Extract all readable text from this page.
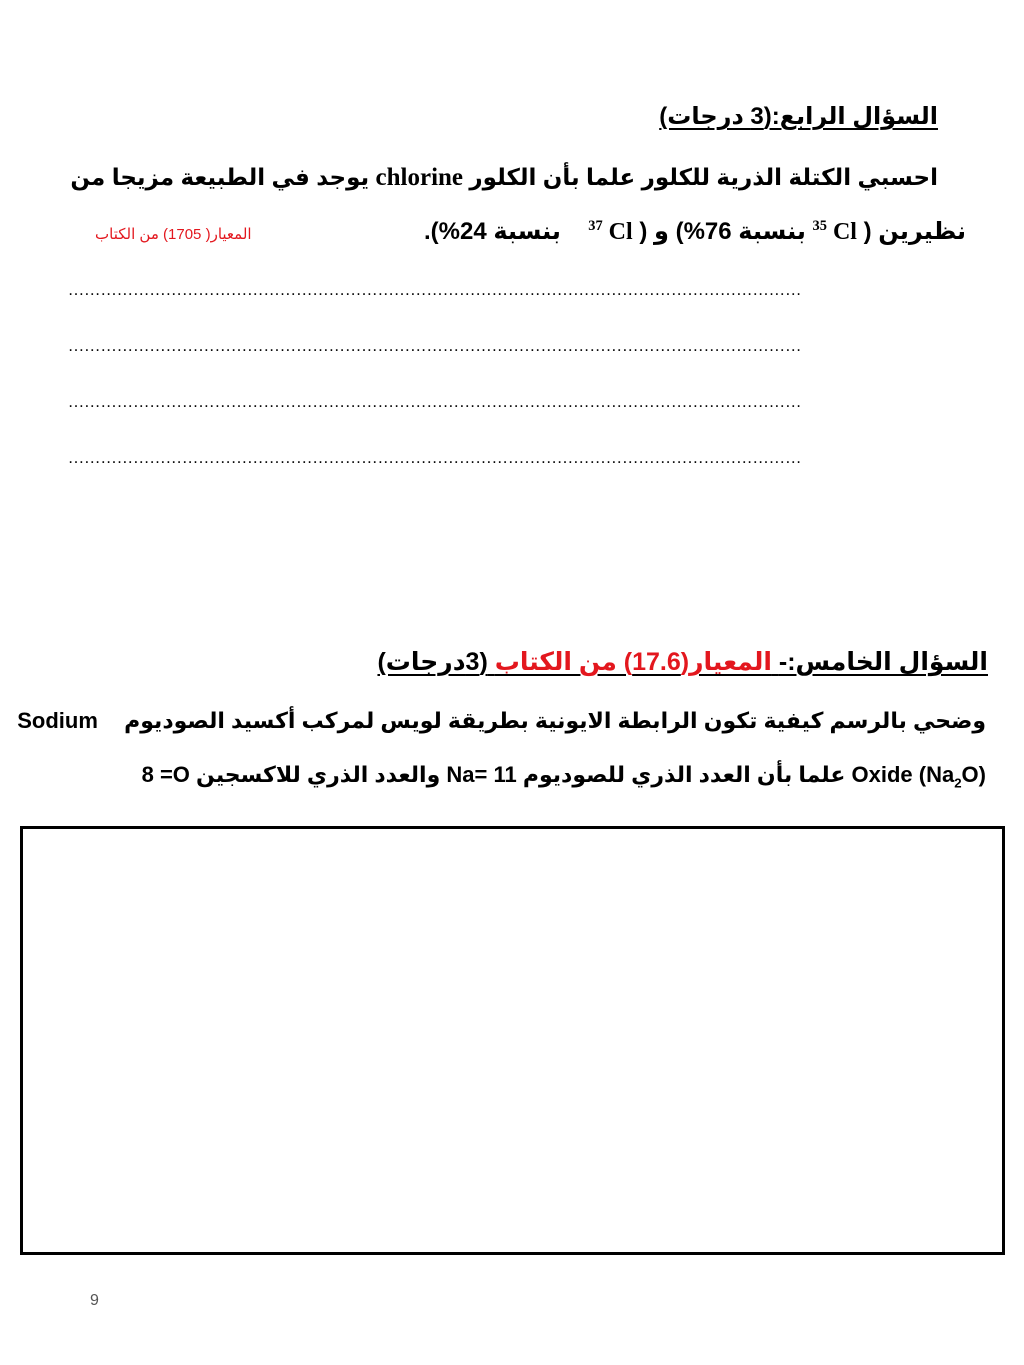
السؤال الرابع:(3 درجات)
احسبي الكتلة الذرية للكلور علما بأن الكلور chlorine يوجد في الطبيعة مزيجا من
نظيرين ( $^{35}$ Cl بنسبة 76%) و ( $^{37}$ Cl  بنسبة 24%).
المعيار( 1705) من الكتاب
………………………………………………………………………………………………………………………
………………………………………………………………………………………………………………………
………………………………………………………………………………………………………………………
………………………………………………………………………………………………………………………
السؤال الخامس:- المعيار(17.6) من الكتاب (3درجات)
وضحي بالرسم كيفية تكون الرابطة الايونية بطريقة لويس لمركب أكسيد الصوديوم  Sodium
Oxide $(Na_2O)$ علما بأن العدد الذري للصوديوم Na= 11 والعدد الذري للاكسجين 8 =O
9
